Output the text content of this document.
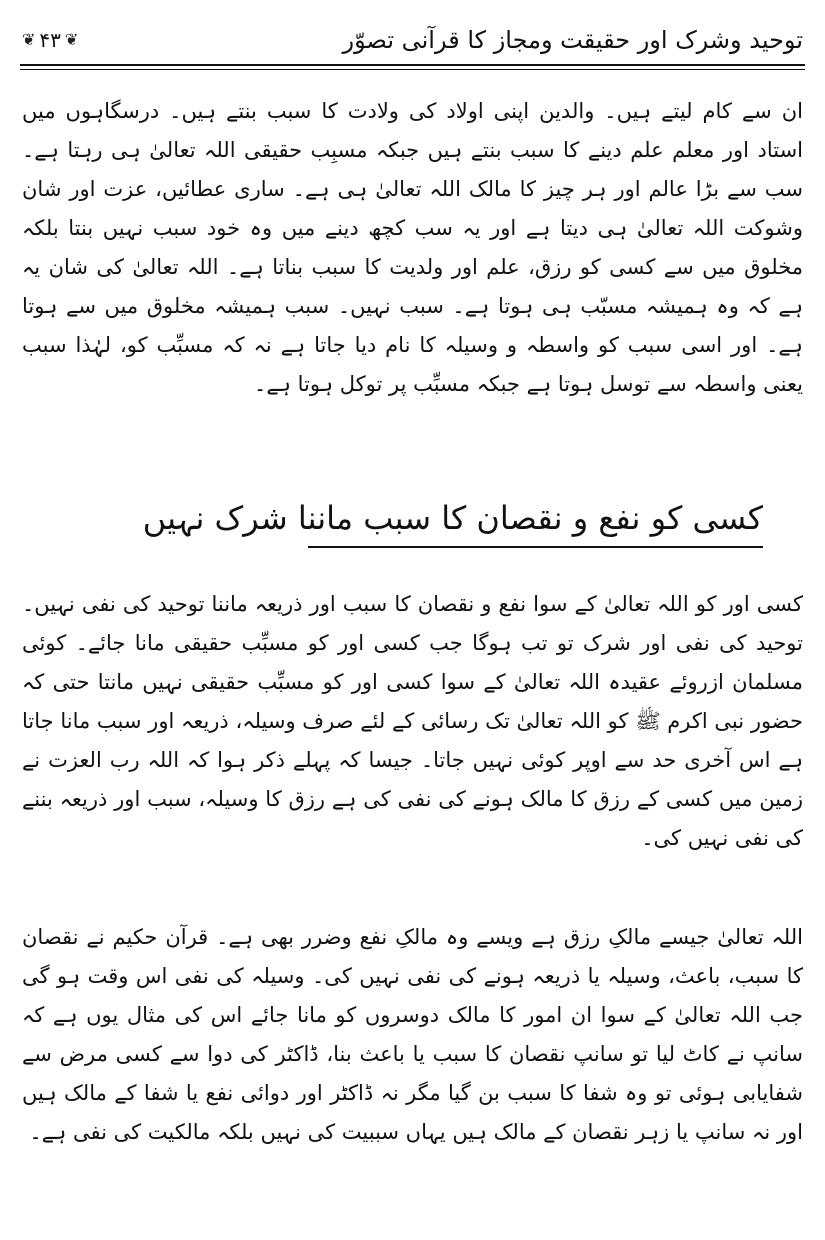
❦ ۴۳ ❦	توحید وشرک اور حقیقت ومجاز کا قرآنی تصوّر
ان سے کام لیتے ہیں۔ والدین اپنی اولاد کی ولادت کا سبب بنتے ہیں۔ درسگاہوں میں استاد اور معلم علم دینے کا سبب بنتے ہیں جبکہ مسبِب حقیقی اللہ تعالیٰ ہی رہتا ہے۔ سب سے بڑا عالم اور ہر چیز کا مالک اللہ تعالیٰ ہی ہے۔ ساری عطائیں، عزت اور شان وشوکت اللہ تعالیٰ ہی دیتا ہے اور یہ سب کچھ دینے میں وہ خود سبب نہیں بنتا بلکہ مخلوق میں سے کسی کو رزق، علم اور ولدیت کا سبب بناتا ہے۔ اللہ تعالیٰ کی شان یہ ہے کہ وہ ہمیشہ مسبّب ہی ہوتا ہے۔ سبب نہیں۔ سبب ہمیشہ مخلوق میں سے ہوتا ہے۔ اور اسی سبب کو واسطہ و وسیلہ کا نام دیا جاتا ہے نہ کہ مسبِّب کو، لہٰذا سبب یعنی واسطہ سے توسل ہوتا ہے جبکہ مسبِّب پر توکل ہوتا ہے۔
کسی کو نفع و نقصان کا سبب ماننا شرک نہیں
کسی اور کو اللہ تعالیٰ کے سوا نفع و نقصان کا سبب اور ذریعہ ماننا توحید کی نفی نہیں۔ توحید کی نفی اور شرک تو تب ہوگا جب کسی اور کو مسبِّب حقیقی مانا جائے۔ کوئی مسلمان ازروئے عقیدہ اللہ تعالیٰ کے سوا کسی اور کو مسبِّب حقیقی نہیں مانتا حتی کہ حضور نبی اکرم ﷺ کو اللہ تعالیٰ تک رسائی کے لئے صرف وسیلہ، ذریعہ اور سبب مانا جاتا ہے اس آخری حد سے اوپر کوئی نہیں جاتا۔ جیسا کہ پہلے ذکر ہوا کہ اللہ رب العزت نے زمین میں کسی کے رزق کا مالک ہونے کی نفی کی ہے رزق کا وسیلہ، سبب اور ذریعہ بننے کی نفی نہیں کی۔
اللہ تعالیٰ جیسے مالکِ رزق ہے ویسے وہ مالکِ نفع وضرر بھی ہے۔ قرآن حکیم نے نقصان کا سبب، باعث، وسیلہ یا ذریعہ ہونے کی نفی نہیں کی۔ وسیلہ کی نفی اس وقت ہو گی جب اللہ تعالیٰ کے سوا ان امور کا مالک دوسروں کو مانا جائے اس کی مثال یوں ہے کہ سانپ نے کاٹ لیا تو سانپ نقصان کا سبب یا باعث بنا، ڈاکٹر کی دوا سے کسی مرض سے شفایابی ہوئی تو وہ شفا کا سبب بن گیا مگر نہ ڈاکٹر اور دوائی نفع یا شفا کے مالک ہیں اور نہ سانپ یا زہر نقصان کے مالک ہیں یہاں سببیت کی نہیں بلکہ مالکیت کی نفی ہے۔
